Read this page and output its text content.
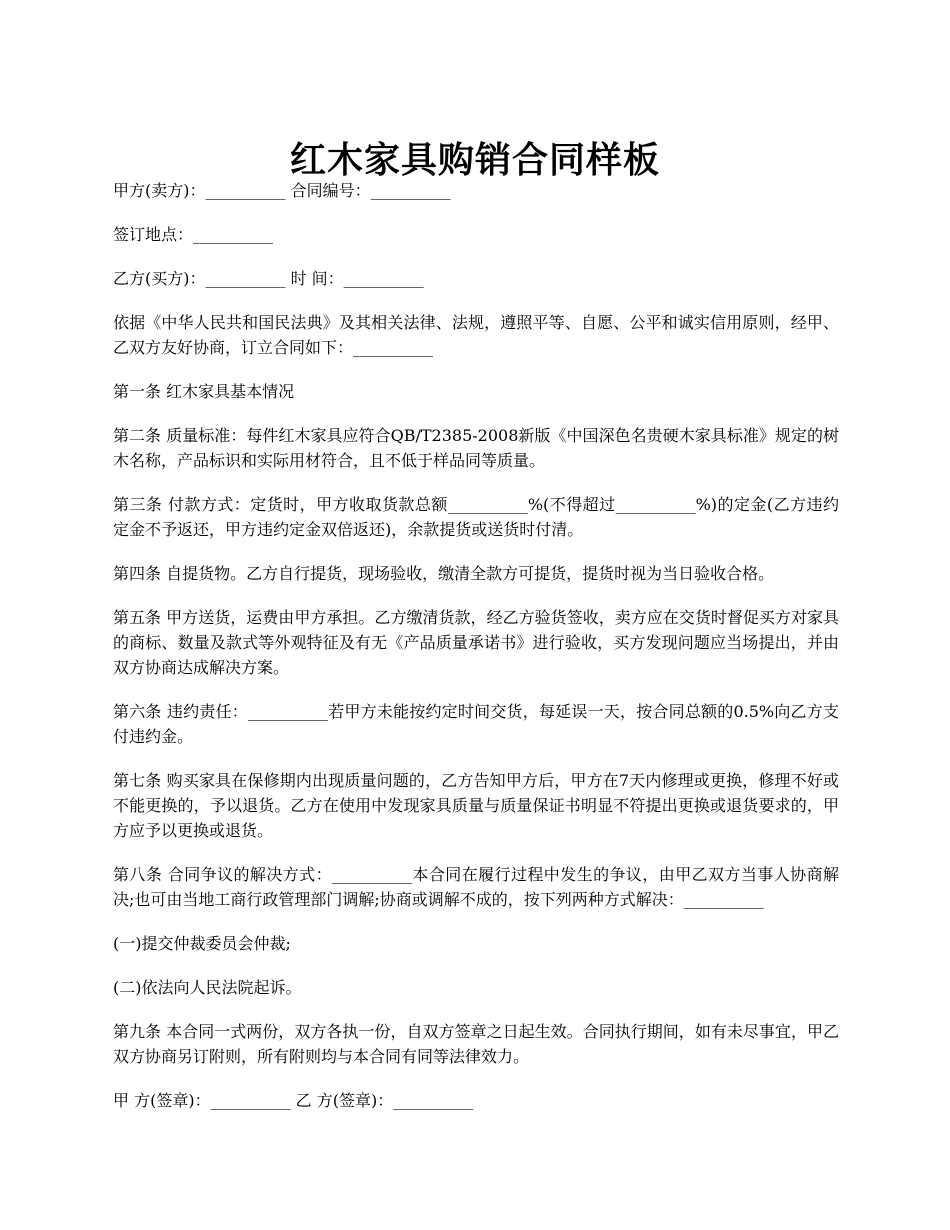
红木家具购销合同样板

甲方(卖方)：__________ 合同编号：__________

签订地点：__________

乙方(买方)：__________ 时 间：__________

依据《中华人民共和国民法典》及其相关法律、法规，遵照平等、自愿、公平和诚实信用原则，经甲、乙双方友好协商，订立合同如下：__________

第一条 红木家具基本情况

第二条 质量标准：每件红木家具应符合QB/T2385-2008新版《中国深色名贵硬木家具标准》规定的树木名称，产品标识和实际用材符合，且不低于样品同等质量。

第三条 付款方式：定货时，甲方收取货款总额__________%(不得超过__________%)的定金(乙方违约定金不予返还，甲方违约定金双倍返还)，余款提货或送货时付清。

第四条 自提货物。乙方自行提货，现场验收，缴清全款方可提货，提货时视为当日验收合格。

第五条 甲方送货，运费由甲方承担。乙方缴清货款，经乙方验货签收，卖方应在交货时督促买方对家具的商标、数量及款式等外观特征及有无《产品质量承诺书》进行验收，买方发现问题应当场提出，并由双方协商达成解决方案。

第六条 违约责任：__________若甲方未能按约定时间交货，每延误一天，按合同总额的0.5%向乙方支付违约金。

第七条 购买家具在保修期内出现质量问题的，乙方告知甲方后，甲方在7天内修理或更换，修理不好或不能更换的，予以退货。乙方在使用中发现家具质量与质量保证书明显不符提出更换或退货要求的，甲方应予以更换或退货。

第八条 合同争议的解决方式：__________本合同在履行过程中发生的争议，由甲乙双方当事人协商解决;也可由当地工商行政管理部门调解;协商或调解不成的，按下列两种方式解决：__________

(一)提交仲裁委员会仲裁;

(二)依法向人民法院起诉。

第九条 本合同一式两份，双方各执一份，自双方签章之日起生效。合同执行期间，如有未尽事宜，甲乙双方协商另订附则，所有附则均与本合同有同等法律效力。

甲 方(签章)：__________ 乙 方(签章)：__________
